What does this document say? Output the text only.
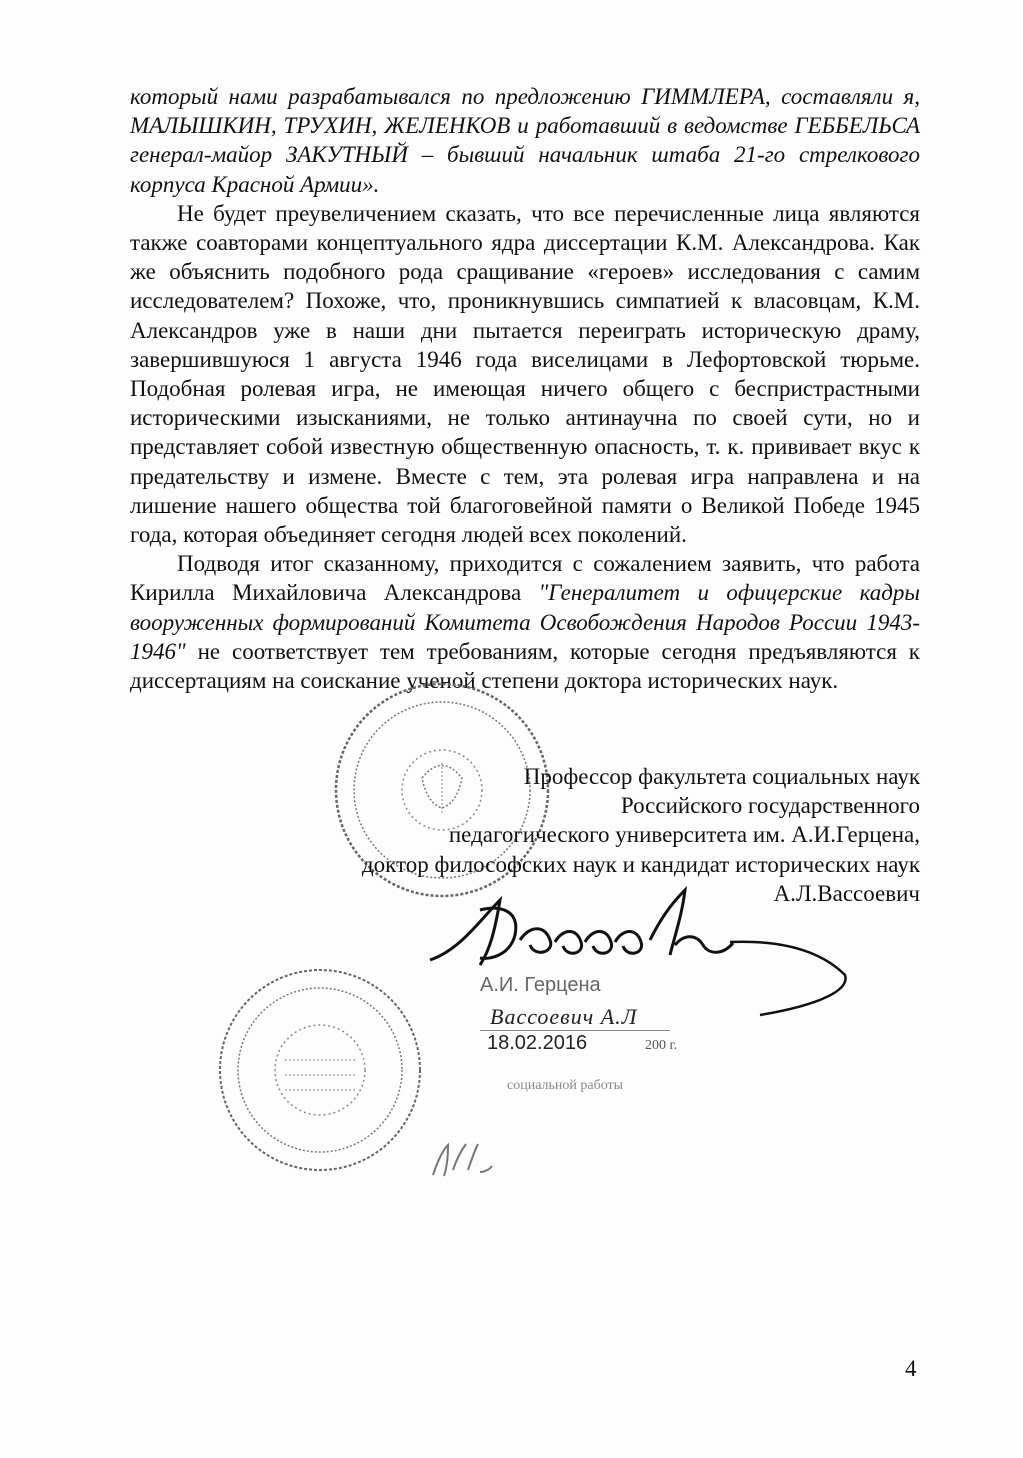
который нами разрабатывался по предложению ГИММЛЕРА, составляли я, МАЛЫШКИН, ТРУХИН, ЖЕЛЕНКОВ и работавший в ведомстве ГЕББЕЛЬСА генерал-майор ЗАКУТНЫЙ – бывший начальник штаба 21-го стрелкового корпуса Красной Армии».

Не будет преувеличением сказать, что все перечисленные лица являются также соавторами концептуального ядра диссертации К.М. Александрова. Как же объяснить подобного рода сращивание «героев» исследования с самим исследователем? Похоже, что, проникнувшись симпатией к власовцам, К.М. Александров уже в наши дни пытается переиграть историческую драму, завершившуюся 1 августа 1946 года виселицами в Лефортовской тюрьме. Подобная ролевая игра, не имеющая ничего общего с беспристрастными историческими изысканиями, не только антинаучна по своей сути, но и представляет собой известную общественную опасность, т. к. прививает вкус к предательству и измене. Вместе с тем, эта ролевая игра направлена и на лишение нашего общества той благоговейной памяти о Великой Победе 1945 года, которая объединяет сегодня людей всех поколений.

Подводя итог сказанному, приходится с сожалением заявить, что работа Кирилла Михайловича Александрова "Генералитет и офицерские кадры вооруженных формирований Комитета Освобождения Народов России 1943-1946" не соответствует тем требованиям, которые сегодня предъявляются к диссертациям на соискание ученой степени доктора исторических наук.

Профессор факультета социальных наук
Российского государственного
педагогического университета им. А.И.Герцена,
доктор философских наук и кандидат исторических наук
А.Л.Вассоевич
А.И. Герцена
Вассоевич А.Л
18.02.2016	200 г.
социальной работы
4
